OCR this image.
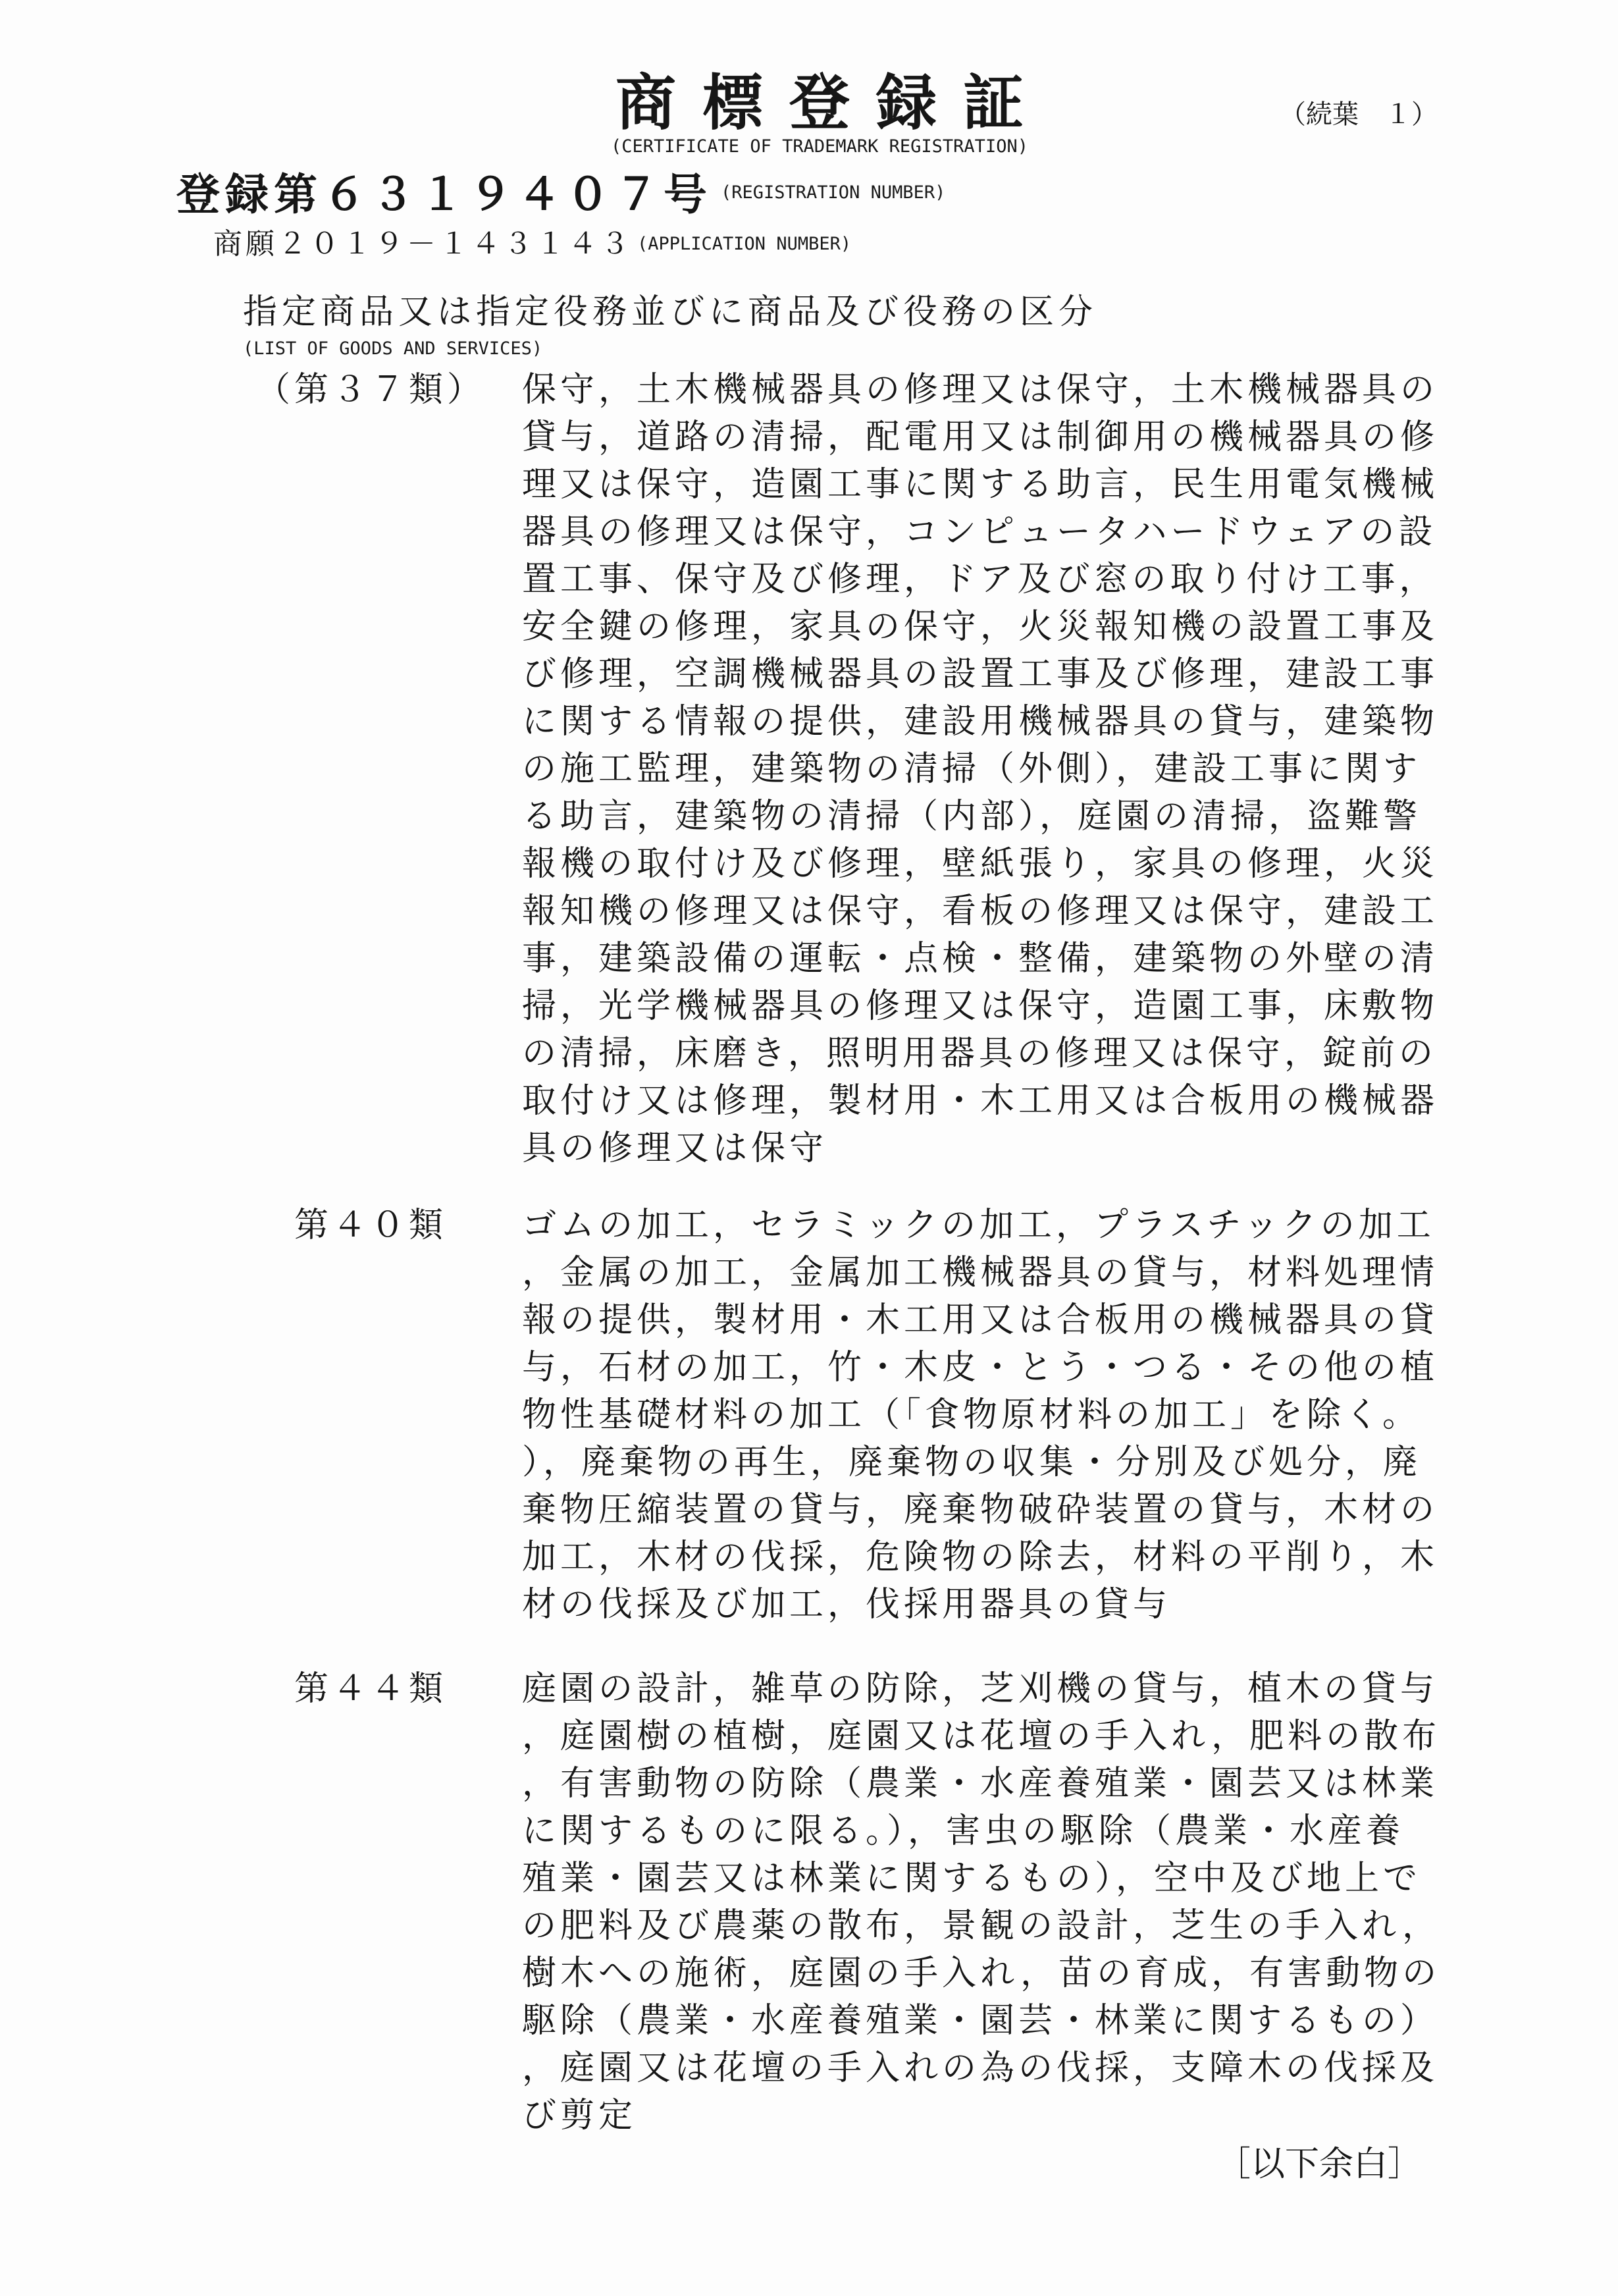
商標登録証	（続葉　１）
(CERTIFICATE OF TRADEMARK REGISTRATION)
登録第６３１９４０７号 (REGISTRATION NUMBER)
商願２０１９－１４３１４３ (APPLICATION NUMBER)
指定商品又は指定役務並びに商品及び役務の区分
(LIST OF GOODS AND SERVICES)
（第３７類） 保守，土木機械器具の修理又は保守，土木機械器具の
貸与，道路の清掃，配電用又は制御用の機械器具の修
理又は保守，造園工事に関する助言，民生用電気機械
器具の修理又は保守，コンピュータハードウェアの設
置工事、保守及び修理，ドア及び窓の取り付け工事，
安全鍵の修理，家具の保守，火災報知機の設置工事及
び修理，空調機械器具の設置工事及び修理，建設工事
に関する情報の提供，建設用機械器具の貸与，建築物
の施工監理，建築物の清掃（外側），建設工事に関す
る助言，建築物の清掃（内部），庭園の清掃，盗難警
報機の取付け及び修理，壁紙張り，家具の修理，火災
報知機の修理又は保守，看板の修理又は保守，建設工
事，建築設備の運転・点検・整備，建築物の外壁の清
掃，光学機械器具の修理又は保守，造園工事，床敷物
の清掃，床磨き，照明用器具の修理又は保守，錠前の
取付け又は修理，製材用・木工用又は合板用の機械器
具の修理又は保守
第４０類 ゴムの加工，セラミックの加工，プラスチックの加工
，金属の加工，金属加工機械器具の貸与，材料処理情
報の提供，製材用・木工用又は合板用の機械器具の貸
与，石材の加工，竹・木皮・とう・つる・その他の植
物性基礎材料の加工（「食物原材料の加工」を除く。
），廃棄物の再生，廃棄物の収集・分別及び処分，廃
棄物圧縮装置の貸与，廃棄物破砕装置の貸与，木材の
加工，木材の伐採，危険物の除去，材料の平削り，木
材の伐採及び加工，伐採用器具の貸与
第４４類 庭園の設計，雑草の防除，芝刈機の貸与，植木の貸与
，庭園樹の植樹，庭園又は花壇の手入れ，肥料の散布
，有害動物の防除（農業・水産養殖業・園芸又は林業
に関するものに限る。），害虫の駆除（農業・水産養
殖業・園芸又は林業に関するもの），空中及び地上で
の肥料及び農薬の散布，景観の設計，芝生の手入れ，
樹木への施術，庭園の手入れ，苗の育成，有害動物の
駆除（農業・水産養殖業・園芸・林業に関するもの）
，庭園又は花壇の手入れの為の伐採，支障木の伐採及
び剪定
［以下余白］
